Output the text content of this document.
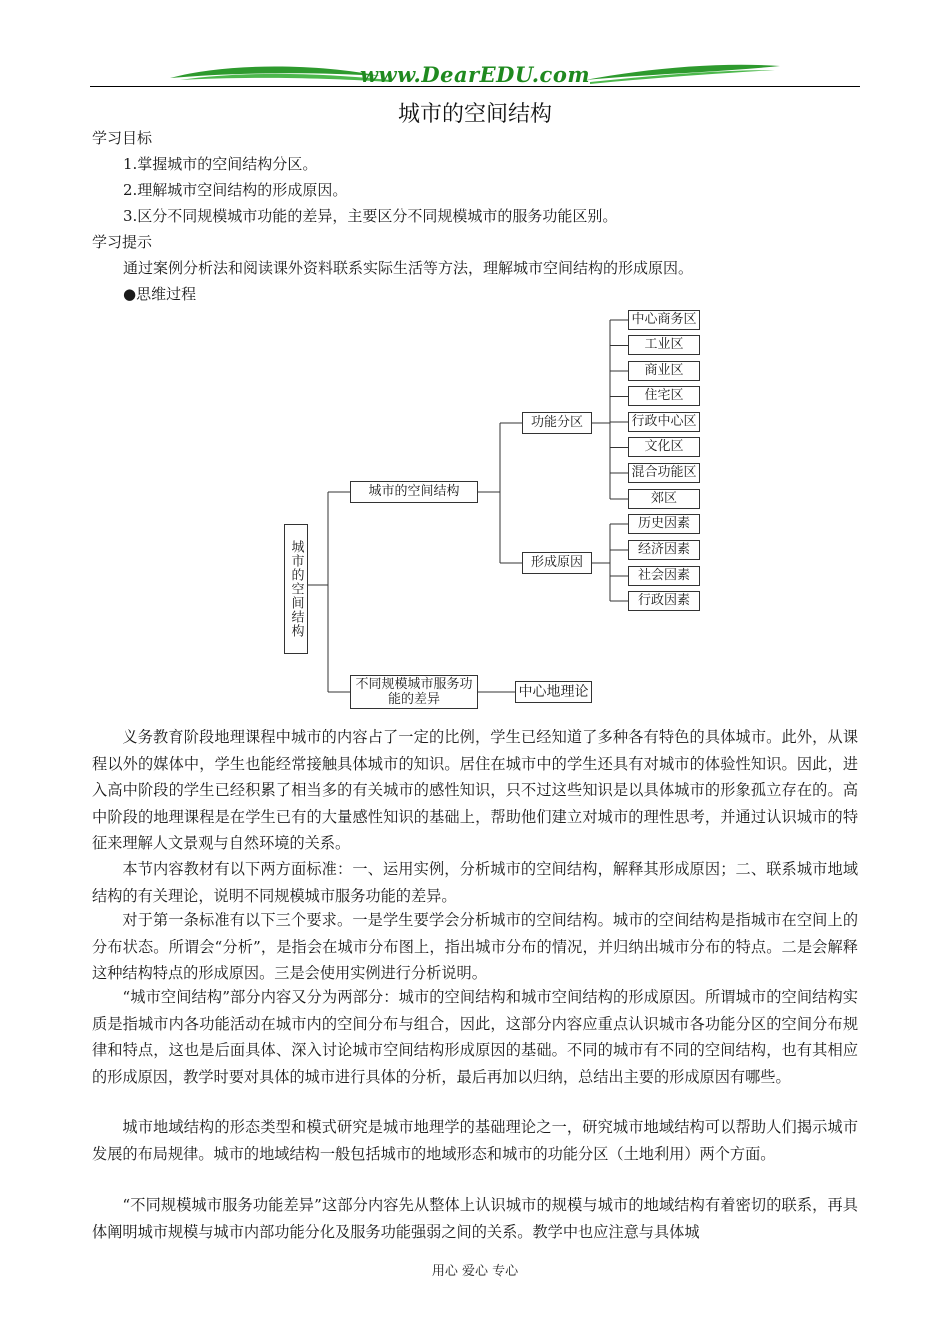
www.DearEDU.com
城市的空间结构
学习目标
1.掌握城市的空间结构分区。
2.理解城市空间结构的形成原因。
3.区分不同规模城市功能的差异，主要区分不同规模城市的服务功能区别。
学习提示
通过案例分析法和阅读课外资料联系实际生活等方法，理解城市空间结构的形成原因。
●思维过程
城市的空间结构
城市的空间结构
不同规模城市服务功能的差异
功能分区
形成原因
中心地理论
中心商务区
工业区
商业区
住宅区
行政中心区
文化区
混合功能区
郊区
历史因素
经济因素
社会因素
行政因素
义务教育阶段地理课程中城市的内容占了一定的比例，学生已经知道了多种各有特色的具体城市。此外，从课程以外的媒体中，学生也能经常接触具体城市的知识。居住在城市中的学生还具有对城市的体验性知识。因此，进入高中阶段的学生已经积累了相当多的有关城市的感性知识，只不过这些知识是以具体城市的形象孤立存在的。高中阶段的地理课程是在学生已有的大量感性知识的基础上，帮助他们建立对城市的理性思考，并通过认识城市的特征来理解人文景观与自然环境的关系。
本节内容教材有以下两方面标准：一、运用实例，分析城市的空间结构，解释其形成原因；二、联系城市地域结构的有关理论，说明不同规模城市服务功能的差异。
对于第一条标准有以下三个要求。一是学生要学会分析城市的空间结构。城市的空间结构是指城市在空间上的分布状态。所谓会“分析”，是指会在城市分布图上，指出城市分布的情况，并归纳出城市分布的特点。二是会解释这种结构特点的形成原因。三是会使用实例进行分析说明。
“城市空间结构”部分内容又分为两部分：城市的空间结构和城市空间结构的形成原因。所谓城市的空间结构实质是指城市内各功能活动在城市内的空间分布与组合，因此，这部分内容应重点认识城市各功能分区的空间分布规律和特点，这也是后面具体、深入讨论城市空间结构形成原因的基础。不同的城市有不同的空间结构，也有其相应的形成原因，教学时要对具体的城市进行具体的分析，最后再加以归纳，总结出主要的形成原因有哪些。
城市地域结构的形态类型和模式研究是城市地理学的基础理论之一，研究城市地域结构可以帮助人们揭示城市发展的布局规律。城市的地域结构一般包括城市的地域形态和城市的功能分区（土地利用）两个方面。
“不同规模城市服务功能差异”这部分内容先从整体上认识城市的规模与城市的地域结构有着密切的联系，再具体阐明城市规模与城市内部功能分化及服务功能强弱之间的关系。教学中也应注意与具体城
用心 爱心 专心
